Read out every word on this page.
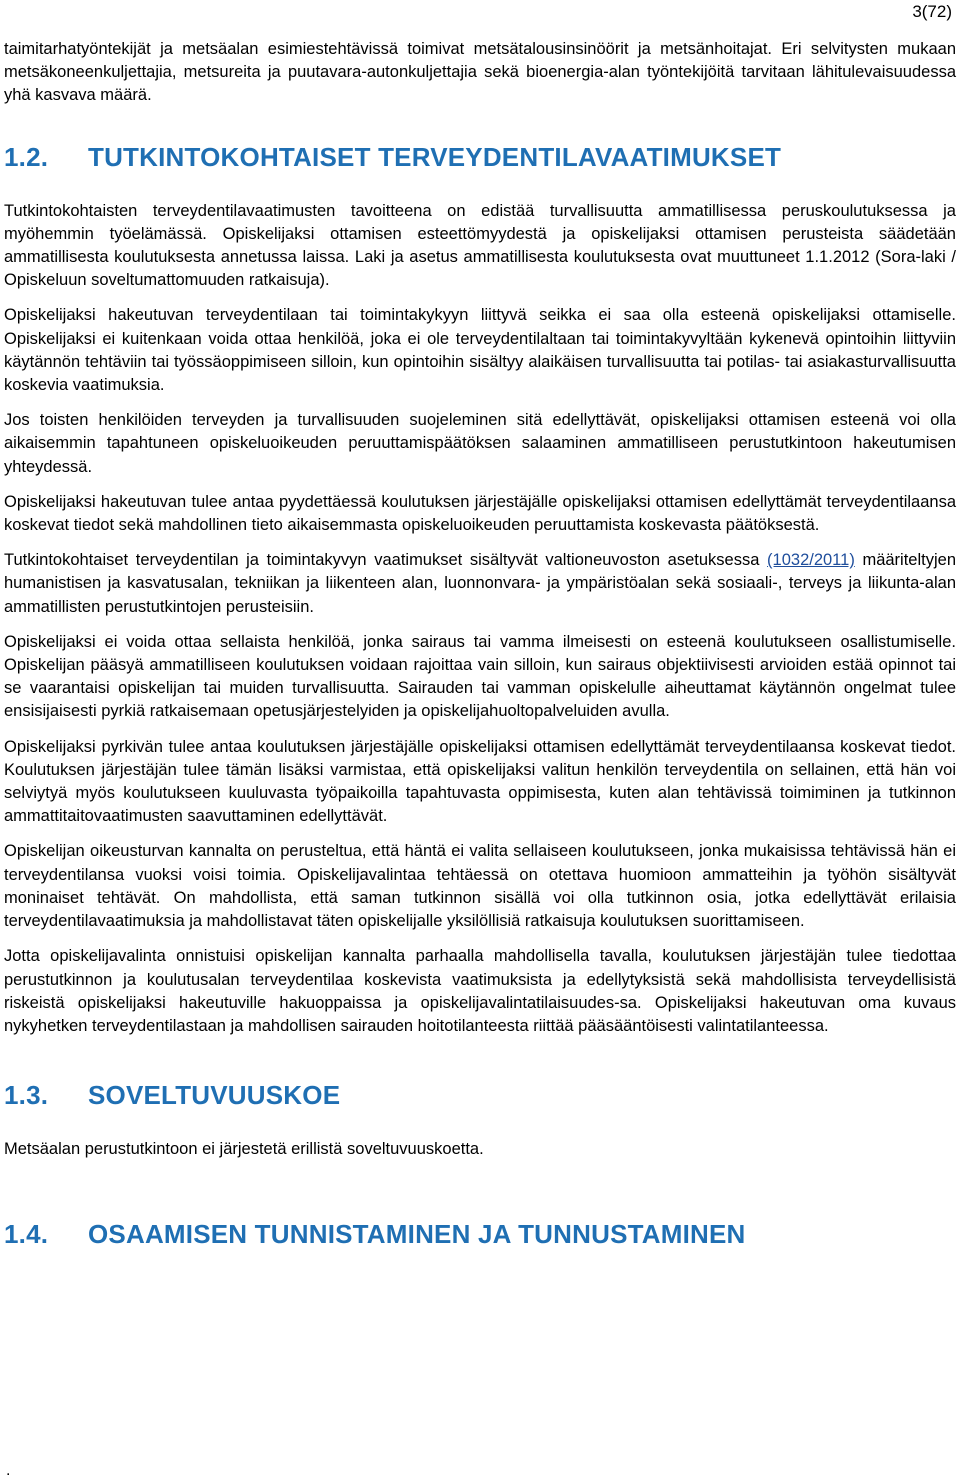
3(72)

taimitarhatyöntekijät ja metsäalan esimiestehtävissä toimivat metsätalousinsinöörit ja metsänhoitajat. Eri selvitysten mukaan metsäkoneenkuljettajia, metsureita ja puutavara-autonkuljettajia sekä bioenergia-alan työntekijöitä tarvitaan lähitulevaisuudessa yhä kasvava määrä.

1.2.	TUTKINTOKOHTAISET TERVEYDENTILAVAATIMUKSET

Tutkintokohtaisten terveydentilavaatimusten tavoitteena on edistää turvallisuutta ammatillisessa peruskoulutuksessa ja myöhemmin työelämässä. Opiskelijaksi ottamisen esteettömyydestä ja opiskelijaksi ottamisen perusteista säädetään ammatillisesta koulutuksesta annetussa laissa. Laki ja asetus ammatillisesta koulutuksesta ovat muuttuneet 1.1.2012 (Sora-laki / Opiskeluun soveltumattomuuden ratkaisuja).

Opiskelijaksi hakeutuvan terveydentilaan tai toimintakykyyn liittyvä seikka ei saa olla esteenä opiskelijaksi ottamiselle. Opiskelijaksi ei kuitenkaan voida ottaa henkilöä, joka ei ole terveydentilaltaan tai toimintakyvyltään kykenevä opintoihin liittyviin käytännön tehtäviin tai työssäoppimiseen silloin, kun opintoihin sisältyy alaikäisen turvallisuutta tai potilas- tai asiakasturvallisuutta koskevia vaatimuksia.

Jos toisten henkilöiden terveyden ja turvallisuuden suojeleminen sitä edellyttävät, opiskelijaksi ottamisen esteenä voi olla aikaisemmin tapahtuneen opiskeluoikeuden peruuttamispäätöksen salaaminen ammatilliseen perustutkintoon hakeutumisen yhteydessä.

Opiskelijaksi hakeutuvan tulee antaa pyydettäessä koulutuksen järjestäjälle opiskelijaksi ottamisen edellyttämät terveydentilaansa koskevat tiedot sekä mahdollinen tieto aikaisemmasta opiskeluoikeuden peruuttamista koskevasta päätöksestä.

Tutkintokohtaiset terveydentilan ja toimintakyvyn vaatimukset sisältyvät valtioneuvoston asetuksessa (1032/2011) määriteltyjen humanistisen ja kasvatusalan, tekniikan ja liikenteen alan, luonnonvara- ja ympäristöalan sekä sosiaali-, terveys ja liikunta-alan ammatillisten perustutkintojen perusteisiin.

Opiskelijaksi ei voida ottaa sellaista henkilöä, jonka sairaus tai vamma ilmeisesti on esteenä koulutukseen osallistumiselle. Opiskelijan pääsyä ammatilliseen koulutuksen voidaan rajoittaa vain silloin, kun sairaus objektiivisesti arvioiden estää opinnot tai se vaarantaisi opiskelijan tai muiden turvallisuutta. Sairauden tai vamman opiskelulle aiheuttamat käytännön ongelmat tulee ensisijaisesti pyrkiä ratkaisemaan opetusjärjestelyiden ja opiskelijahuoltopalveluiden avulla.

Opiskelijaksi pyrkivän tulee antaa koulutuksen järjestäjälle opiskelijaksi ottamisen edellyttämät terveydentilaansa koskevat tiedot. Koulutuksen järjestäjän tulee tämän lisäksi varmistaa, että opiskelijaksi valitun henkilön terveydentila on sellainen, että hän voi selviytyä myös koulutukseen kuuluvasta työpaikoilla tapahtuvasta oppimisesta, kuten alan tehtävissä toimiminen ja tutkinnon ammattitaitovaatimusten saavuttaminen edellyttävät.

Opiskelijan oikeusturvan kannalta on perusteltua, että häntä ei valita sellaiseen koulutukseen, jonka mukaisissa tehtävissä hän ei terveydentilansa vuoksi voisi toimia. Opiskelijavalintaa tehtäessä on otettava huomioon ammatteihin ja työhön sisältyvät moninaiset tehtävät. On mahdollista, että saman tutkinnon sisällä voi olla tutkinnon osia, jotka edellyttävät erilaisia terveydentilavaatimuksia ja mahdollistavat täten opiskelijalle yksilöllisiä ratkaisuja koulutuksen suorittamiseen.

Jotta opiskelijavalinta onnistuisi opiskelijan kannalta parhaalla mahdollisella tavalla, koulutuksen järjestäjän tulee tiedottaa perustutkinnon ja koulutusalan terveydentilaa koskevista vaatimuksista ja edellytyksistä sekä mahdollisista terveydellisistä riskeistä opiskelijaksi hakeutuville hakuoppaissa ja opiskelijavalintatilaisuudes-sa. Opiskelijaksi hakeutuvan oma kuvaus nykyhetken terveydentilastaan ja mahdollisen sairauden hoitotilanteesta riittää pääsääntöisesti valintatilanteessa.

1.3.	SOVELTUVUUSKOE

Metsäalan perustutkintoon ei järjestetä erillistä soveltuvuuskoetta.

1.4.	OSAAMISEN TUNNISTAMINEN JA TUNNUSTAMINEN
.
